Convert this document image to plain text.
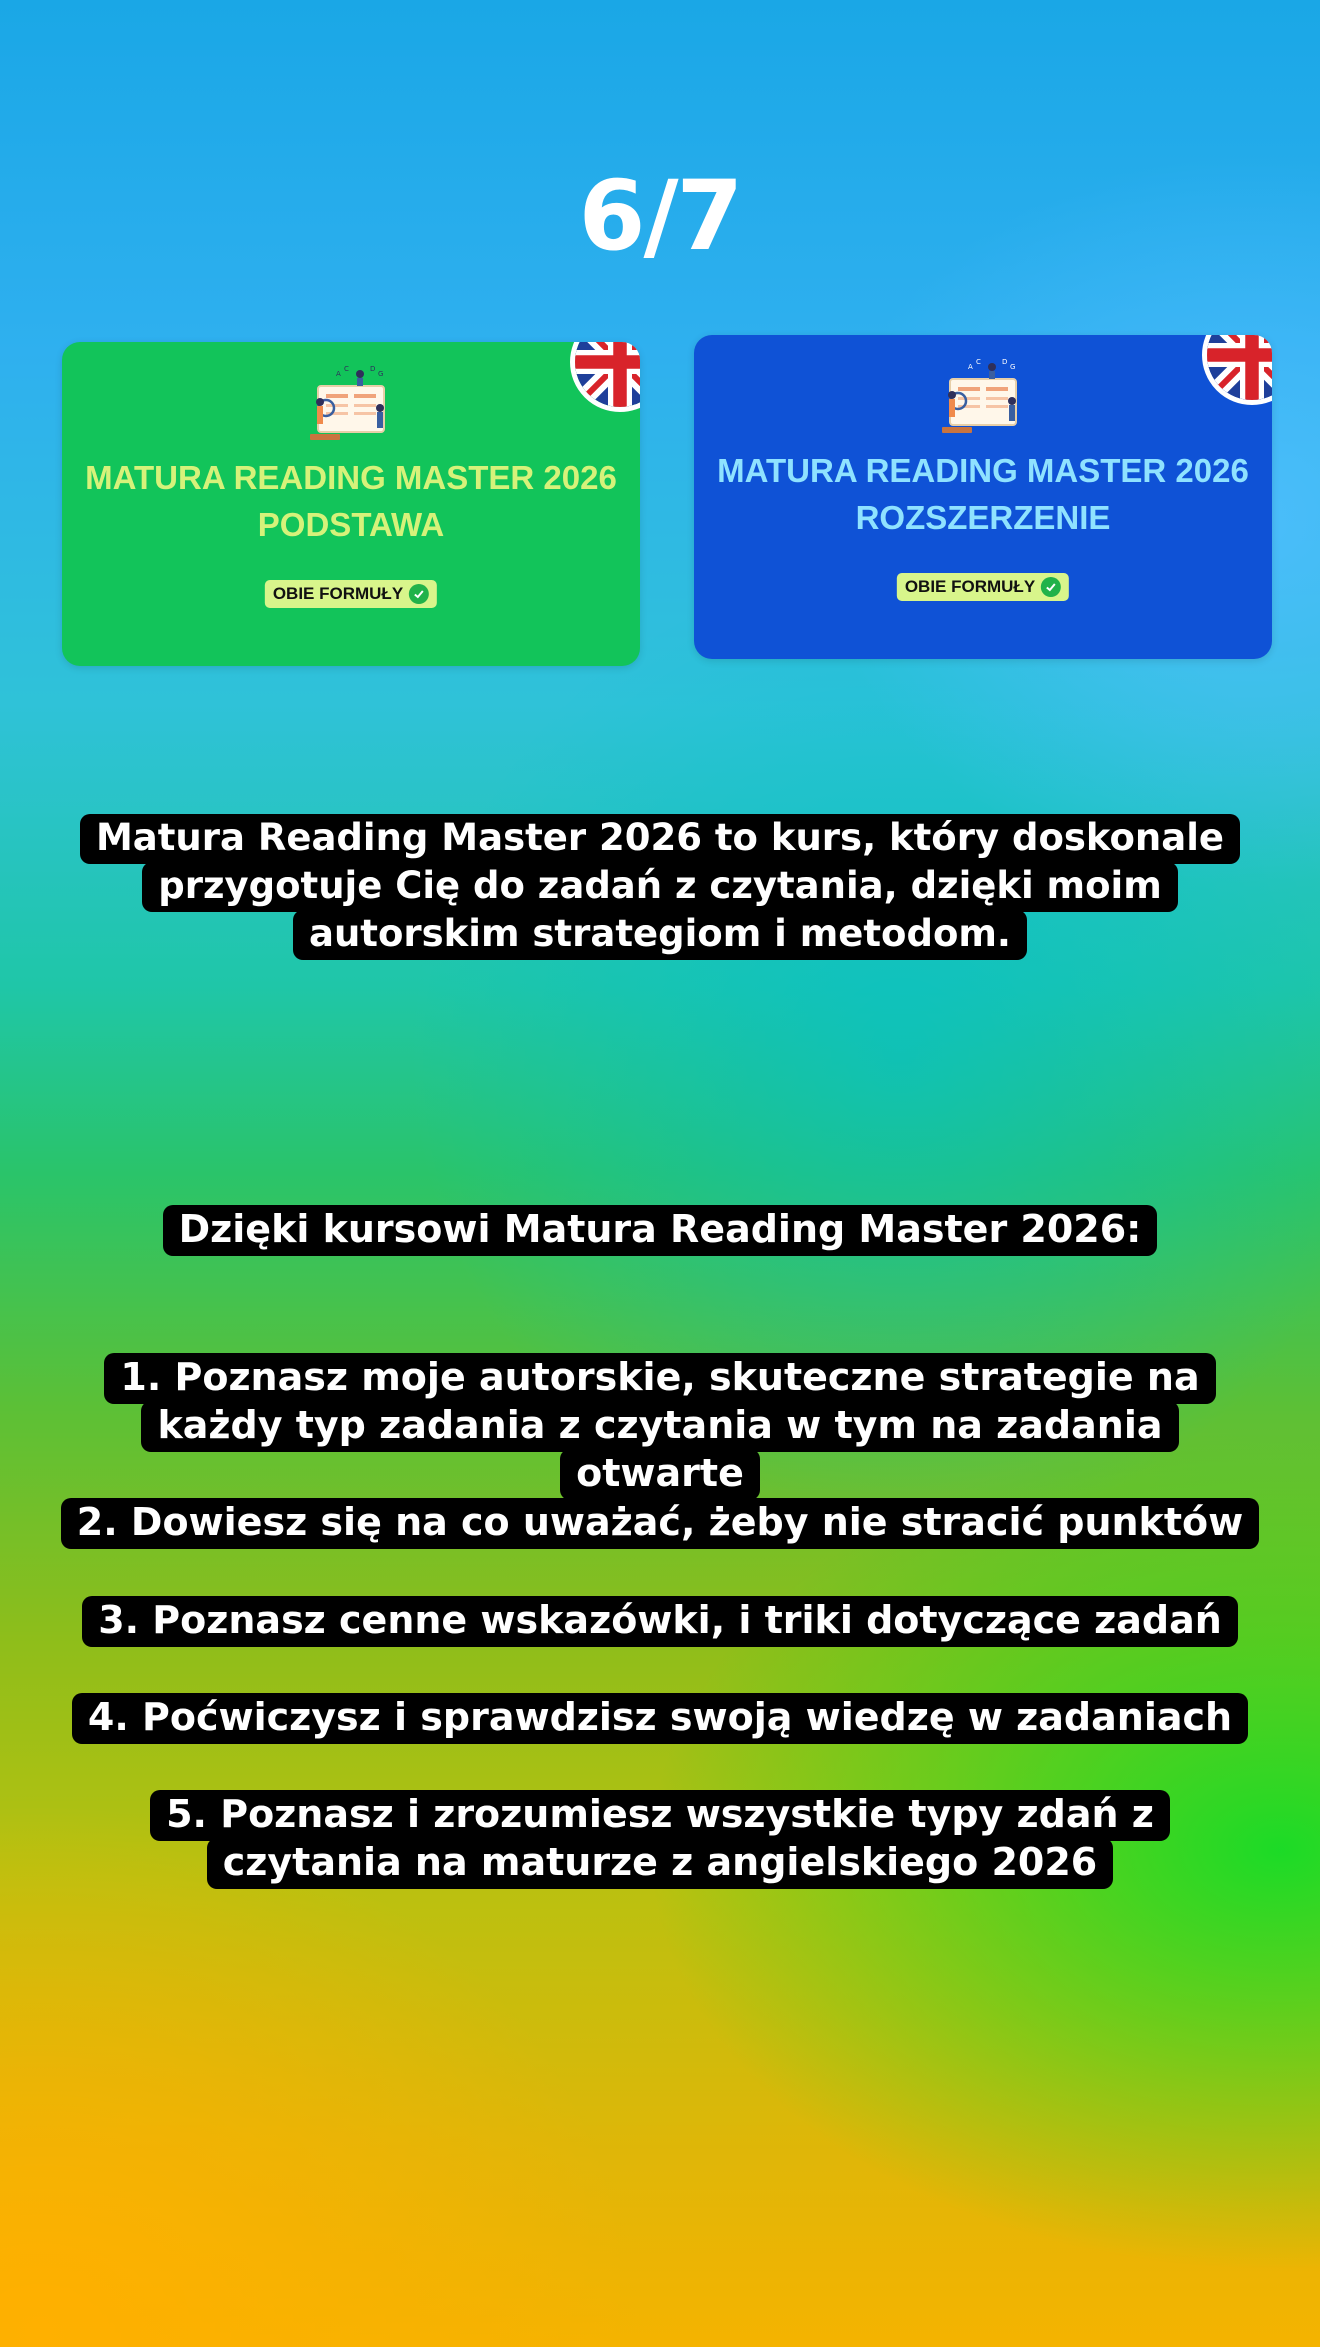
6/7
A
C	D
G
MATURA READING MASTER 2026 PODSTAWA
OBIE FORMUŁY
A
C	D
G
MATURA READING MASTER 2026 ROZSZERZENIE
OBIE FORMUŁY
Matura Reading Master 2026 to kurs, który doskonale przygotuje Cię do zadań z czytania, dzięki moim autorskim strategiom i metodom.
Dzięki kursowi Matura Reading Master 2026:
1. Poznasz moje autorskie, skuteczne strategie na każdy typ zadania z czytania w tym na zadania otwarte
2. Dowiesz się na co uważać, żeby nie stracić punktów
3. Poznasz cenne wskazówki, i triki dotyczące zadań
4. Poćwiczysz i sprawdzisz swoją wiedzę w zadaniach
5. Poznasz i zrozumiesz wszystkie typy zdań z czytania na maturze z angielskiego 2026
